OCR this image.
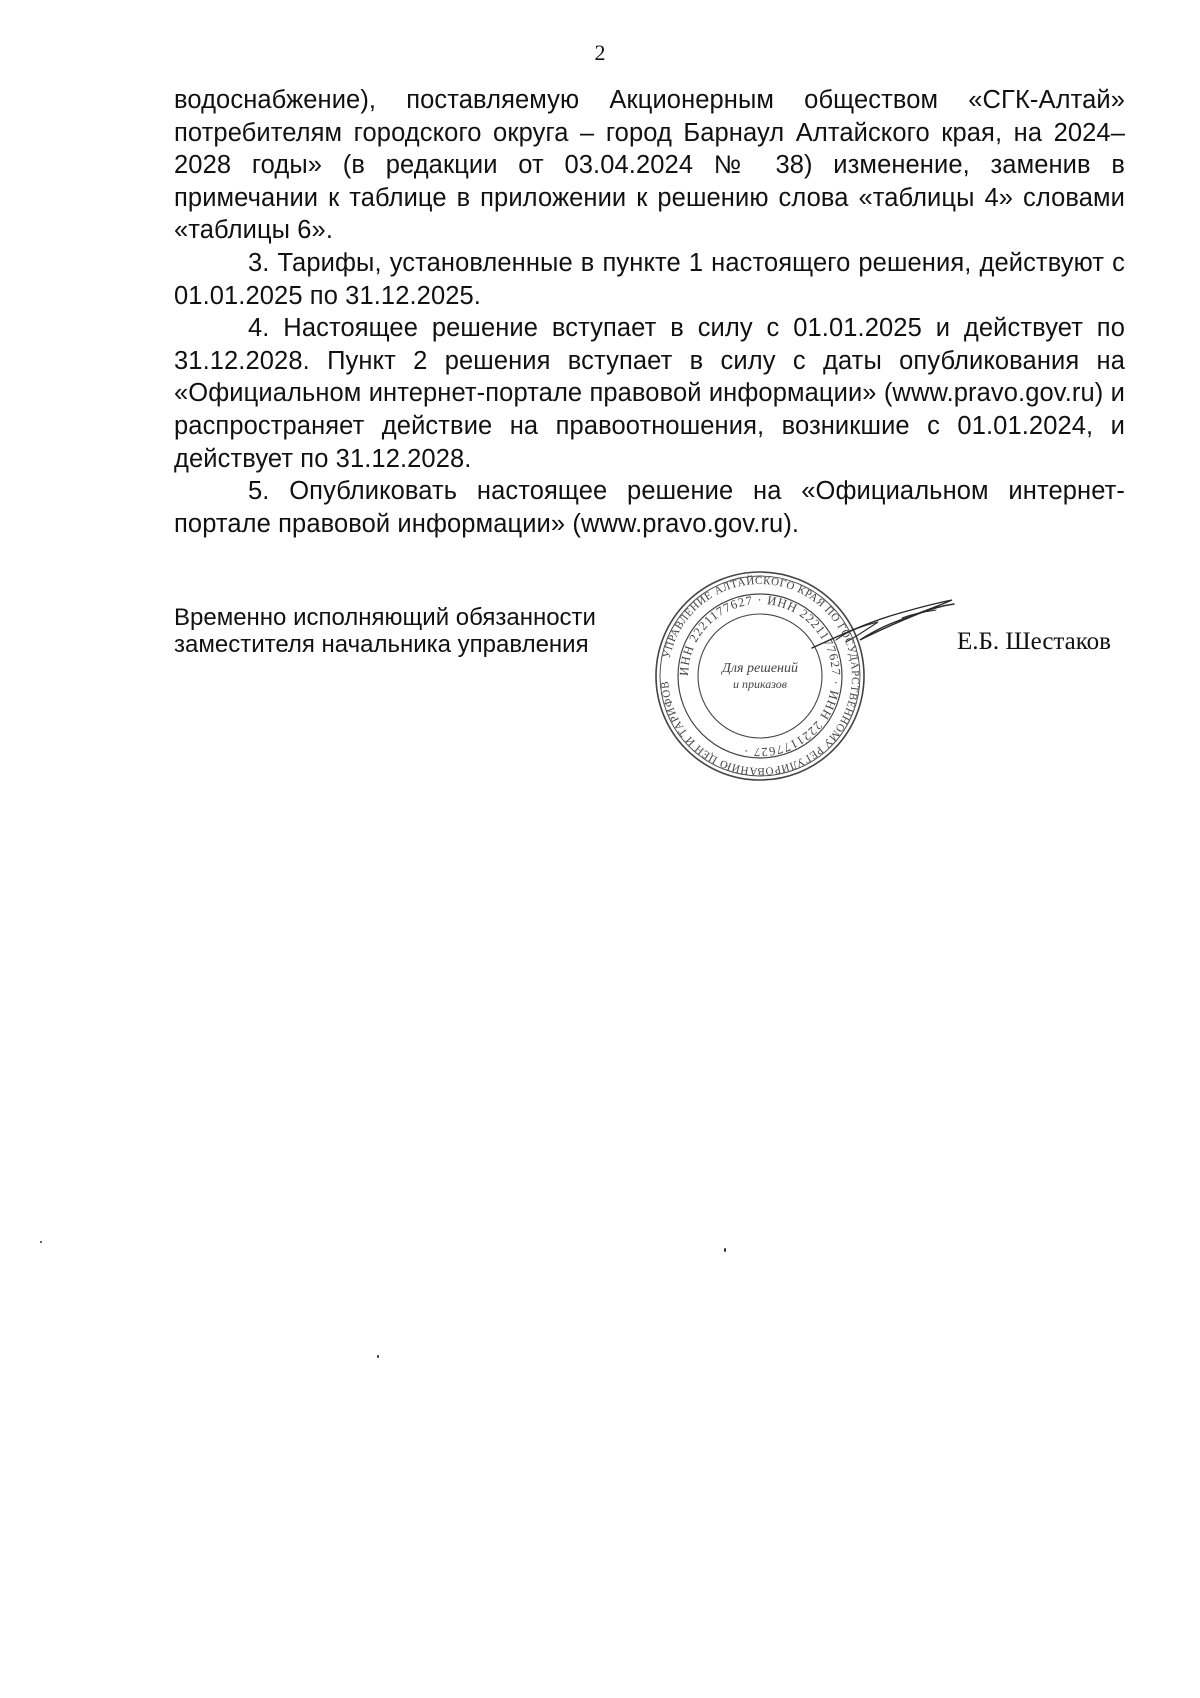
2

водоснабжение), поставляемую Акционерным обществом «СГК-Алтай» потребителям городского округа – город Барнаул Алтайского края, на 2024–2028 годы» (в редакции от 03.04.2024 № 38) изменение, заменив в примечании к таблице в приложении к решению слова «таблицы 4» словами «таблицы 6».

3. Тарифы, установленные в пункте 1 настоящего решения, действуют с 01.01.2025 по 31.12.2025.

4. Настоящее решение вступает в силу с 01.01.2025 и действует по 31.12.2028. Пункт 2 решения вступает в силу с даты опубликования на «Официальном интернет-портале правовой информации» (www.pravo.gov.ru) и распространяет действие на правоотношения, возникшие с 01.01.2024, и действует по 31.12.2028.

5. Опубликовать настоящее решение на «Официальном интернет-портале правовой информации» (www.pravo.gov.ru).

Временно исполняющий обязанности
заместителя начальника управления	УПРАВЛЕНИЕ АЛТАЙСКОГО КРАЯ ПО ГОСУДАРСТВЕННОМУ РЕГУЛИРОВАНИЮ ЦЕН И ТАРИФОВ
ИНН 2221177627 · ИНН 2221177627 · ИНН 2221177627 ·
Для решений
и приказов
Е.Б. Шестаков
